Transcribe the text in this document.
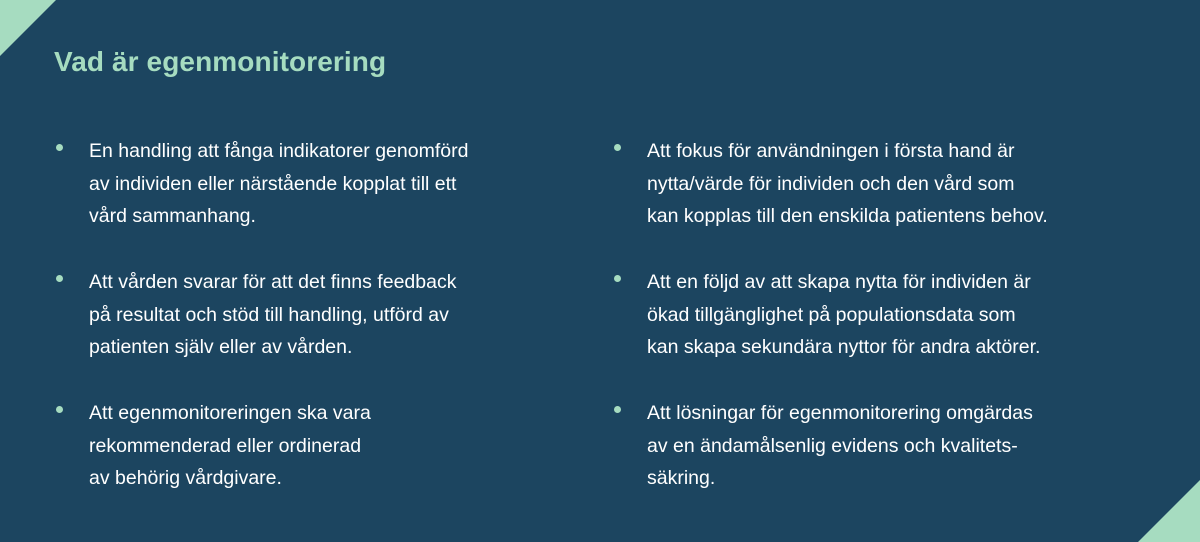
Vad är egenmonitorering
En handling att fånga indikatorer genomförd
av individen eller närstående kopplat till ett
vård sammanhang.
Att vården svarar för att det finns feedback
på resultat och stöd till handling, utförd av
patienten själv eller av vården.
Att egenmonitoreringen ska vara
rekommenderad eller ordinerad
av behörig vårdgivare.
Att fokus för användningen i första hand är
nytta/värde för individen och den vård som
kan kopplas till den enskilda patientens behov.
Att en följd av att skapa nytta för individen är
ökad tillgänglighet på populationsdata som
kan skapa sekundära nyttor för andra aktörer.
Att lösningar för egenmonitorering omgärdas
av en ändamålsenlig evidens och kvalitets-
säkring.
